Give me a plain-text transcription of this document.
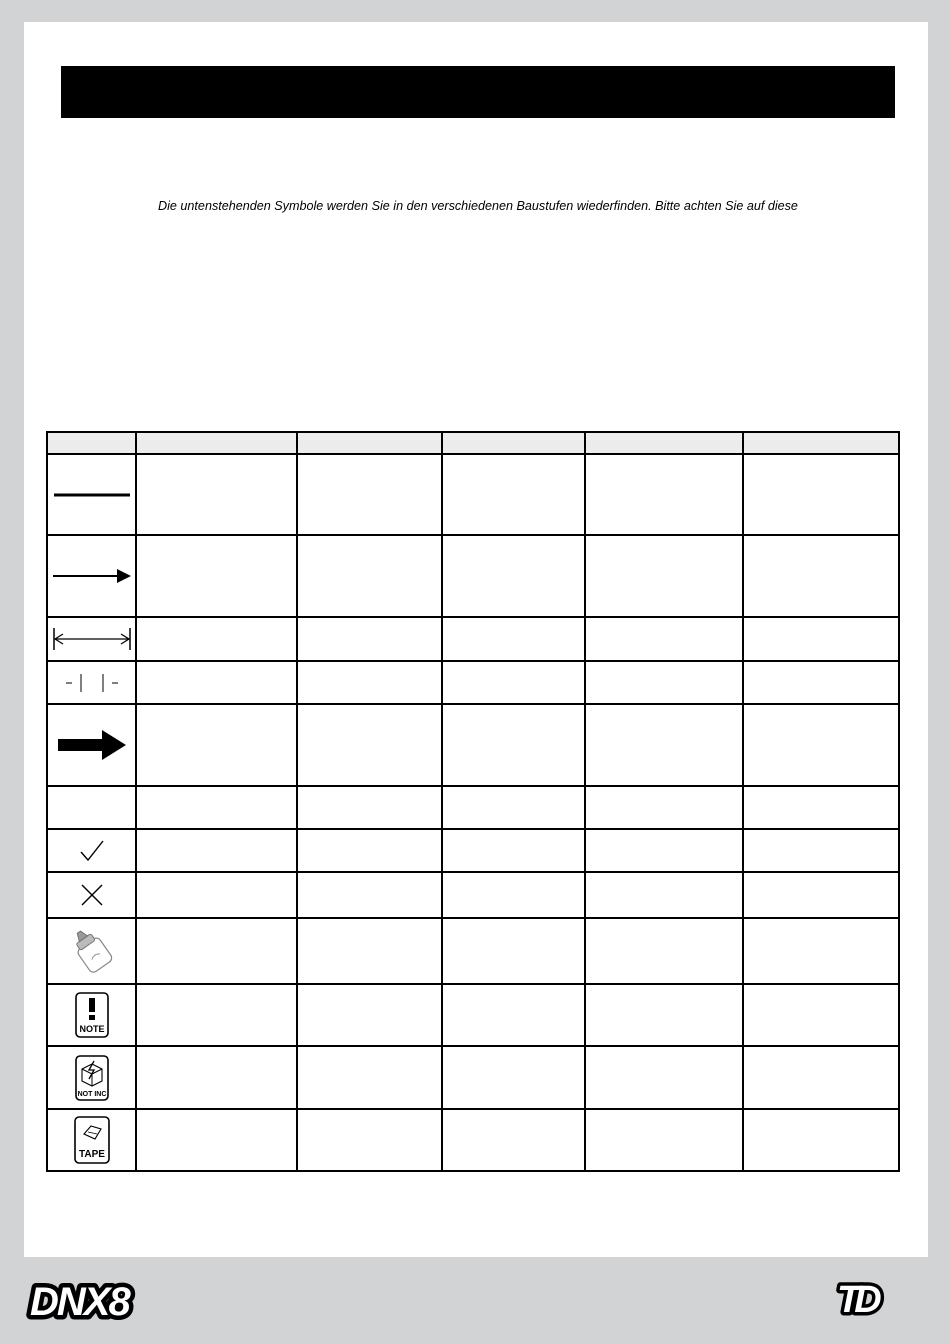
Die untenstehenden Symbole werden Sie in den verschiedenen Baustufen wiederfinden. Bitte achten Sie auf diese

NOTE					

NOT INC					

TAPE					

DNX8	TD
